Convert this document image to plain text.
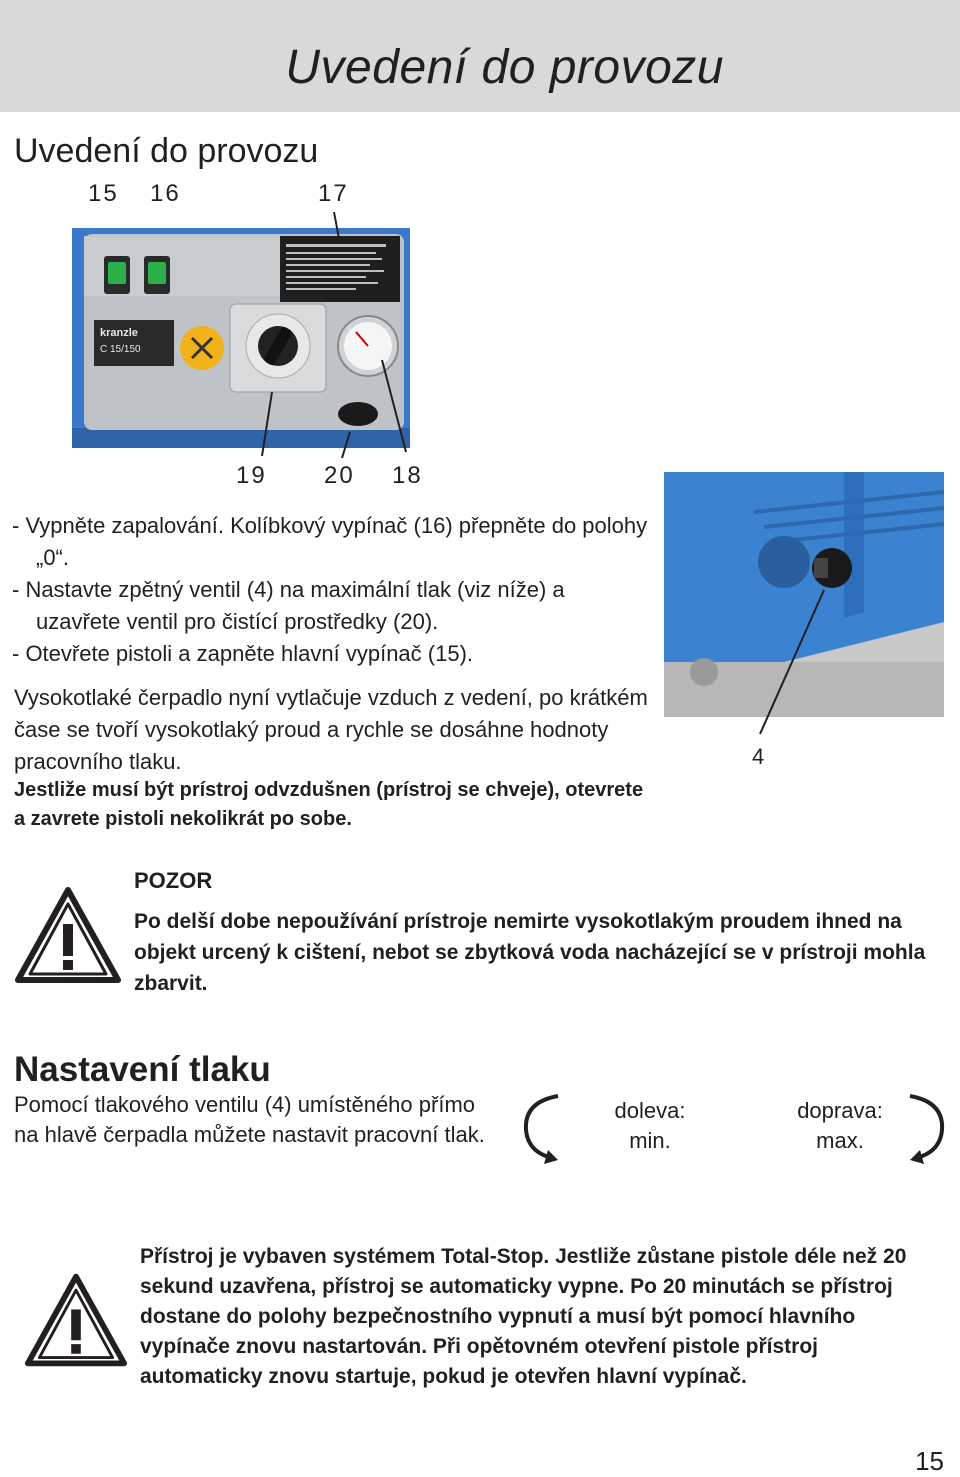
Uvedení do provozu
Uvedení do provozu
15 16	17
kranzle
C 15/150
19 20 18
- Vypněte zapalování. Kolíbkový vypínač (16) přepněte do polohy „0“.
- Nastavte zpětný ventil (4) na maximální tlak (viz níže) a uzavřete ventil pro čistící prostředky (20).
- Otevřete pistoli a zapněte hlavní vypínač (15).

Vysokotlaké čerpadlo nyní vytlačuje vzduch z vedení, po krátkém čase se tvoří vysokotlaký proud a rychle se dosáhne hodnoty pracovního tlaku.

Jestliže musí být prístroj odvzdušnen (prístroj se chveje), otevrete a zavrete pistoli nekolikrát po sobe.

4
POZOR

Po delší dobe nepoužívání prístroje nemirte vysokotlakým proudem ihned na objekt urcený k cištení, nebot se zbytková voda nacházející se v prístroji mohla zbarvit.

Nastavení tlaku

Pomocí tlakového ventilu (4) umístěného přímo na hlavě čerpadla můžete nastavit pracovní tlak.

doleva:
min.
doprava:
max.

Přístroj je vybaven systémem Total-Stop. Jestliže zůstane pistole déle než 20 sekund uzavřena, přístroj se automaticky vypne. Po 20 minutách se přístroj dostane do polohy bezpečnostního vypnutí a musí být pomocí hlavního vypínače znovu nastartován. Při opětovném otevření pistole přístroj automaticky znovu startuje, pokud je otevřen hlavní vypínač.

15
